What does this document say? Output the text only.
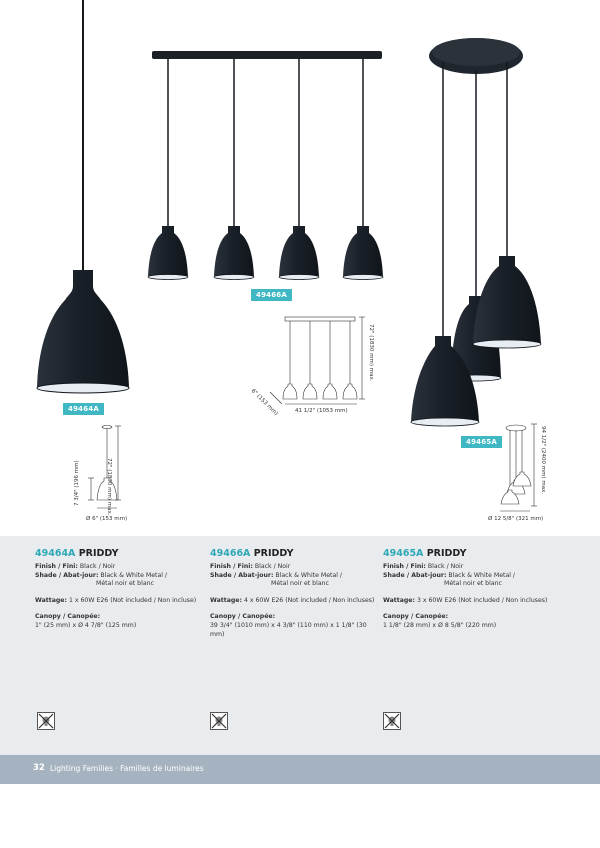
49466A
49464A
49465A
72" (1830 mm) max.
7 3/4" (196 mm)
Ø 6" (153 mm)
72" (1830 mm) max.
6" (153 mm)	41 1/2" (1053 mm)
94 1/2" (2400 mm) max.
Ø 12 5/8" (321 mm)
49464A PRIDDY
Finish / Fini: Black / Noir
Shade / Abat-jour: Black & White Metal /
Métal noir et blanc
Wattage: 1 x 60W E26 (Not included / Non incluse)
Canopy / Canopée:
1" (25 mm) x Ø 4 7/8" (125 mm)
49466A PRIDDY
Finish / Fini: Black / Noir
Shade / Abat-jour: Black & White Metal /
Métal noir et blanc
Wattage: 4 x 60W E26 (Not included / Non incluses)
Canopy / Canopée:
39 3/4" (1010 mm) x 4 3/8" (110 mm) x 1 1/8" (30 mm)
49465A PRIDDY
Finish / Fini: Black / Noir
Shade / Abat-jour: Black & White Metal /
Métal noir et blanc
Wattage: 3 x 60W E26 (Not included / Non incluses)
Canopy / Canopée:
1 1/8" (28 mm) x Ø 8 5/8" (220 mm)
32 Lighting Families · Familles de luminaires
